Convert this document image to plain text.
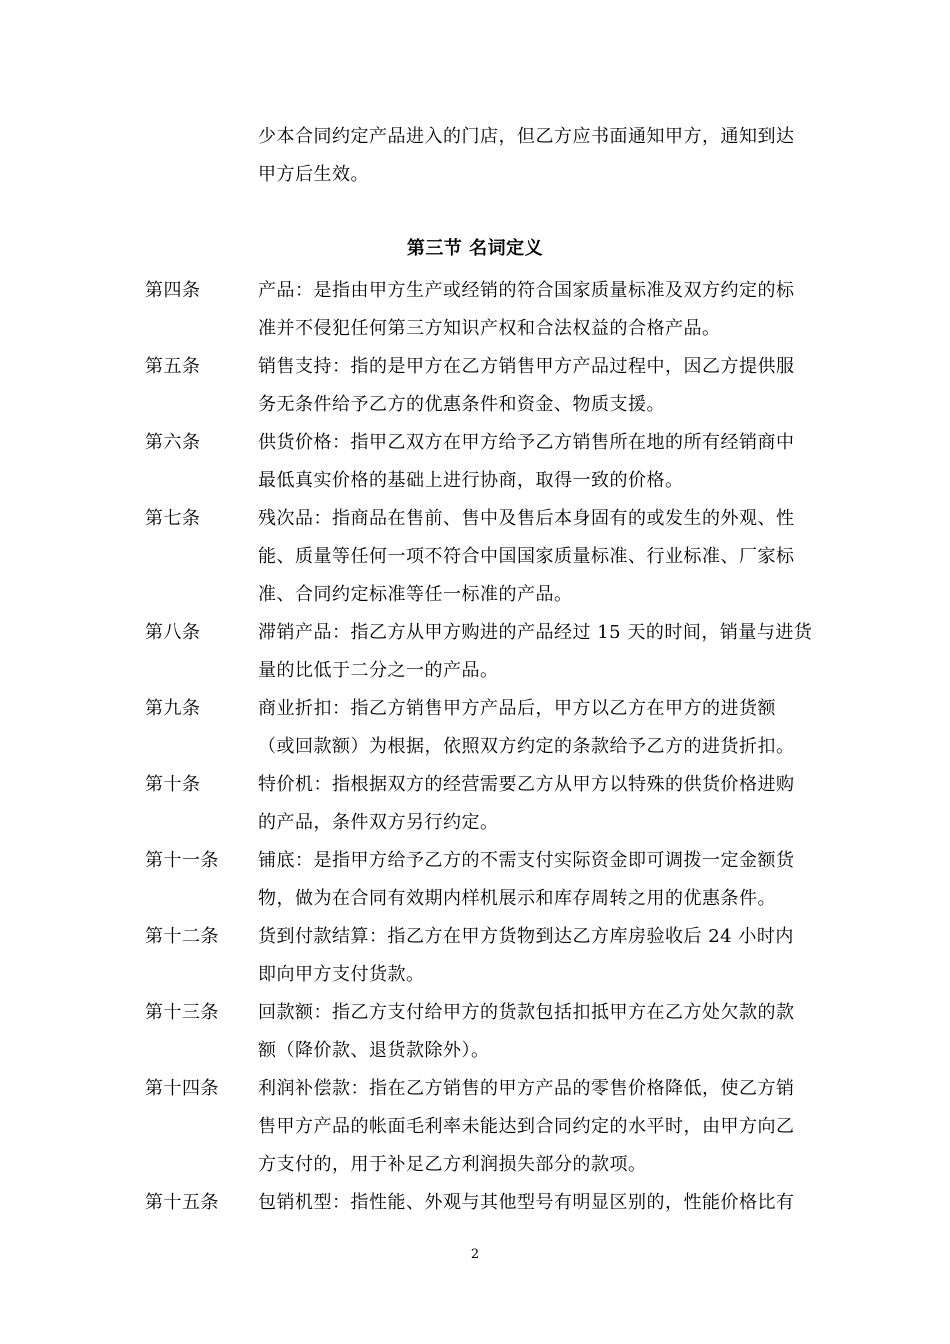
少本合同约定产品进入的门店，但乙方应书面通知甲方，通知到达
甲方后生效。
第三节 名词定义
第四条	产品：是指由甲方生产或经销的符合国家质量标准及双方约定的标
准并不侵犯任何第三方知识产权和合法权益的合格产品。
第五条	销售支持：指的是甲方在乙方销售甲方产品过程中，因乙方提供服
务无条件给予乙方的优惠条件和资金、物质支援。
第六条	供货价格：指甲乙双方在甲方给予乙方销售所在地的所有经销商中
最低真实价格的基础上进行协商，取得一致的价格。
第七条	残次品：指商品在售前、售中及售后本身固有的或发生的外观、性
能、质量等任何一项不符合中国国家质量标准、行业标准、厂家标
准、合同约定标准等任一标准的产品。
第八条	滞销产品：指乙方从甲方购进的产品经过 15 天的时间，销量与进货
量的比低于二分之一的产品。
第九条	商业折扣：指乙方销售甲方产品后，甲方以乙方在甲方的进货额
（或回款额）为根据，依照双方约定的条款给予乙方的进货折扣。
第十条	特价机：指根据双方的经营需要乙方从甲方以特殊的供货价格进购
的产品，条件双方另行约定。
第十一条 铺底：是指甲方给予乙方的不需支付实际资金即可调拨一定金额货
物，做为在合同有效期内样机展示和库存周转之用的优惠条件。
第十二条 货到付款结算：指乙方在甲方货物到达乙方库房验收后 24 小时内
即向甲方支付货款。
第十三条 回款额：指乙方支付给甲方的货款包括扣抵甲方在乙方处欠款的款
额（降价款、退货款除外）。
第十四条 利润补偿款：指在乙方销售的甲方产品的零售价格降低，使乙方销
售甲方产品的帐面毛利率未能达到合同约定的水平时，由甲方向乙
方支付的，用于补足乙方利润损失部分的款项。
第十五条 包销机型：指性能、外观与其他型号有明显区别的，性能价格比有
2
